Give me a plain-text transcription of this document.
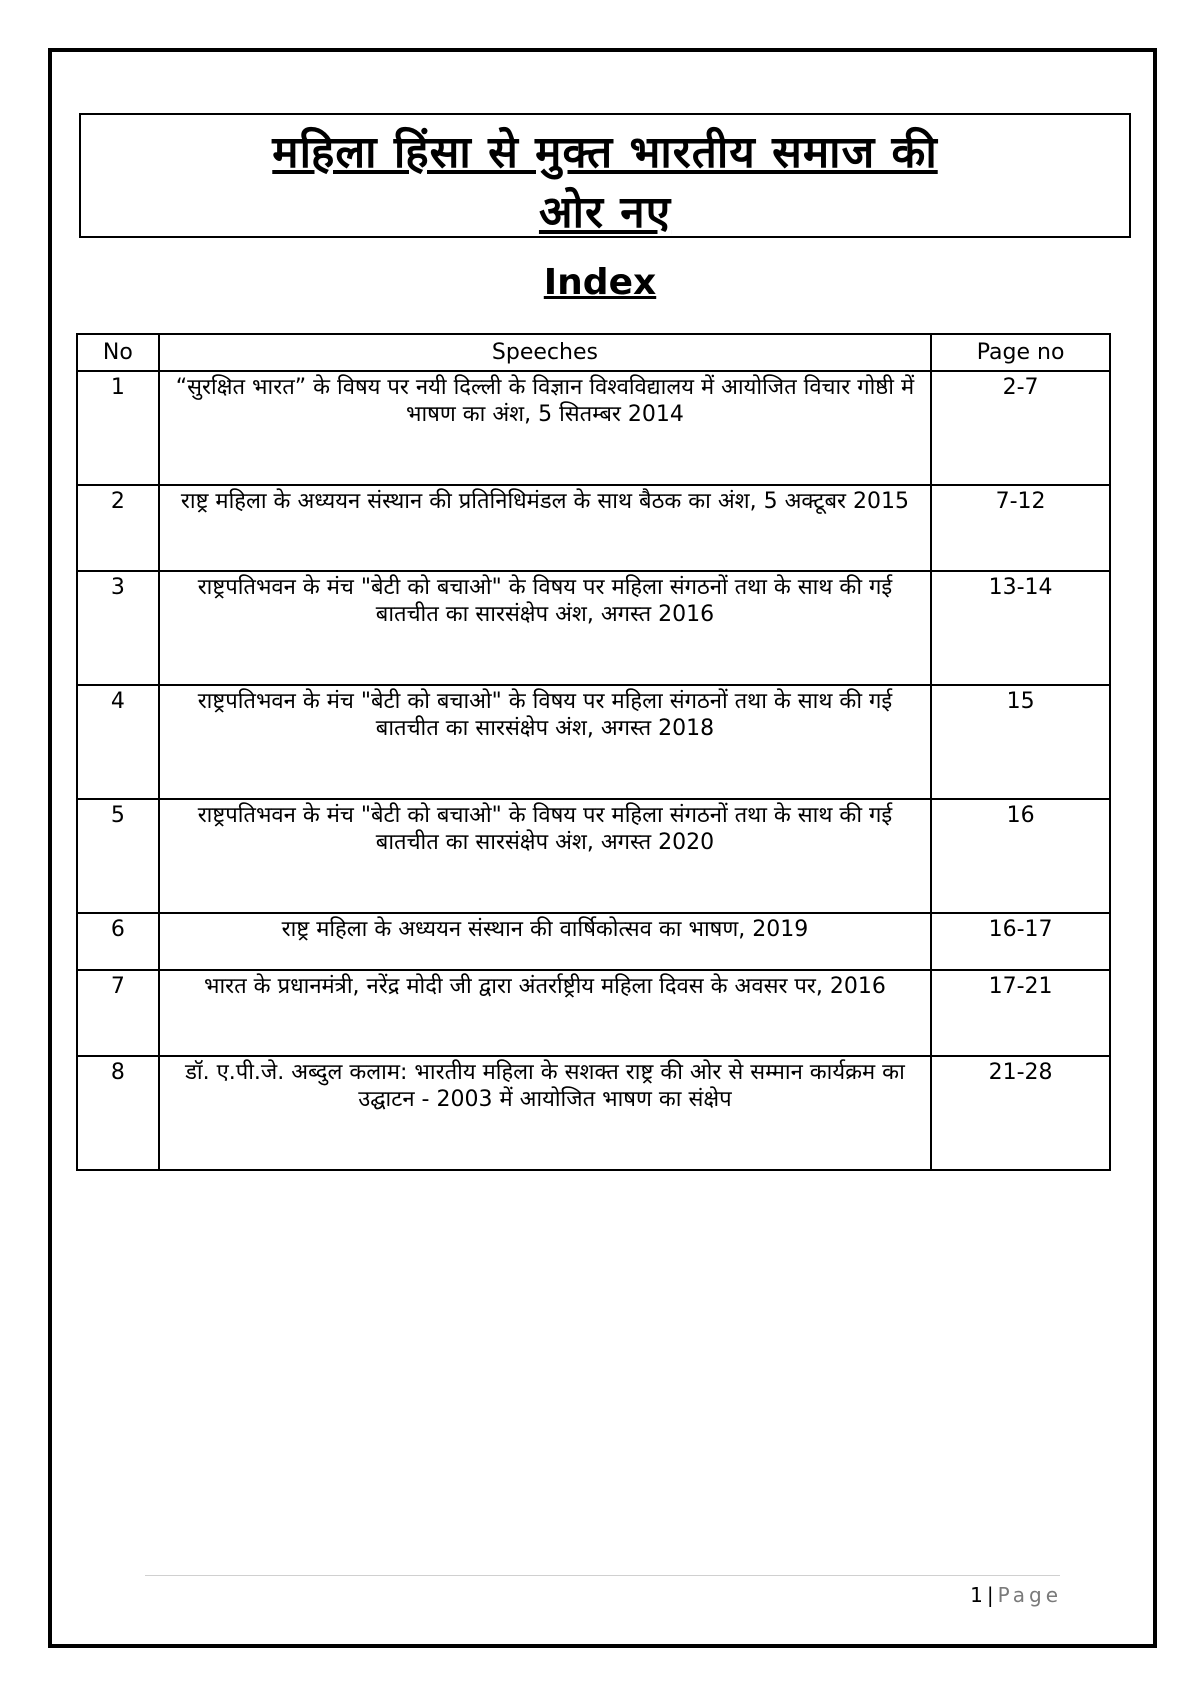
महिला हिंसा से मुक्त भारतीय समाज की
ओर नए
Index
No	Speeches	Page no
1	“सुरक्षित भारत” के विषय पर नयी दिल्ली के विज्ञान विश्वविद्यालय में आयोजित विचार गोष्ठी में भाषण का अंश, 5 सितम्बर 2014	2-7
2	राष्ट्र महिला के अध्ययन संस्थान की प्रतिनिधिमंडल के साथ बैठक का अंश, 5 अक्टूबर 2015	7-12
3	राष्ट्रपतिभवन के मंच "बेटी को बचाओ" के विषय पर महिला संगठनों तथा के साथ की गई बातचीत का सारसंक्षेप अंश, अगस्त 2016	13-14
4	राष्ट्रपतिभवन के मंच "बेटी को बचाओ" के विषय पर महिला संगठनों तथा के साथ की गई बातचीत का सारसंक्षेप अंश, अगस्त 2018	15
5	राष्ट्रपतिभवन के मंच "बेटी को बचाओ" के विषय पर महिला संगठनों तथा के साथ की गई बातचीत का सारसंक्षेप अंश, अगस्त 2020	16
6	राष्ट्र महिला के अध्ययन संस्थान की वार्षिकोत्सव का भाषण, 2019	16-17
7	भारत के प्रधानमंत्री, नरेंद्र मोदी जी द्वारा अंतर्राष्ट्रीय महिला दिवस के अवसर पर, 2016	17-21
8	डॉ. ए.पी.जे. अब्दुल कलाम: भारतीय महिला के सशक्त राष्ट्र की ओर से सम्मान कार्यक्रम का उद्घाटन - 2003 में आयोजित भाषण का संक्षेप	21-28
1 | Page
